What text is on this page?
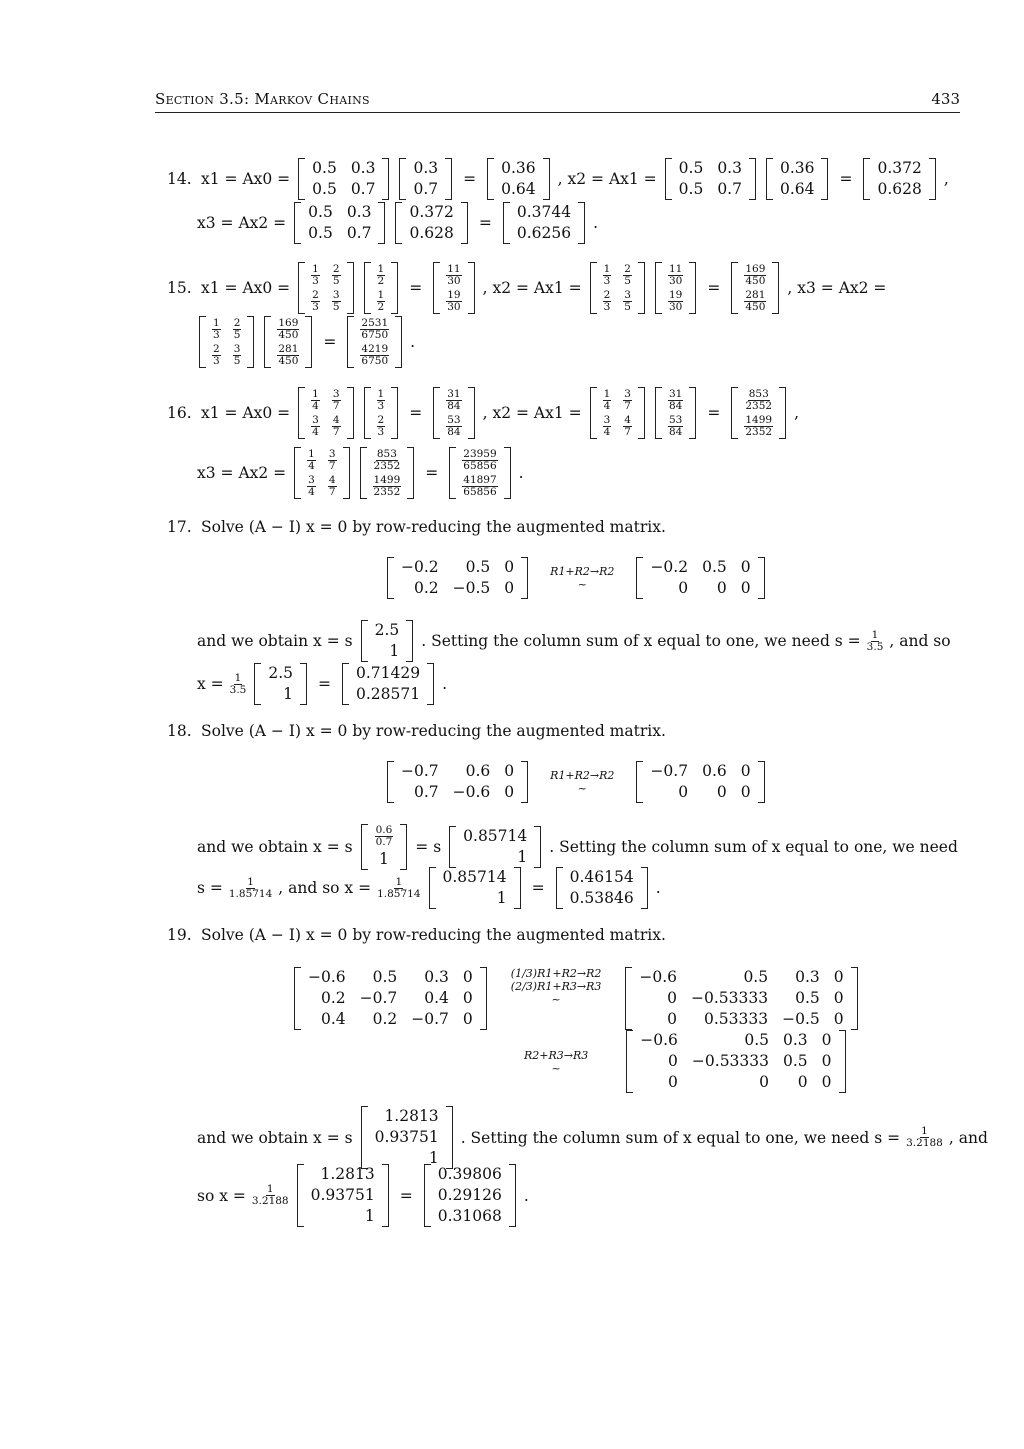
Section 3.5: Markov Chains	433
14. x1 = Ax0 =
0.5	0.3
0.5	0.7
0.3
0.7
=
0.36
0.64
, x2 = Ax1 =
0.5	0.3
0.5	0.7
0.36
0.64
=
0.372
0.628
,
x3 = Ax2 =
0.5	0.3
0.5	0.7
0.372
0.628
=
0.3744
0.6256
.
15. x1 = Ax0 =
$\frac{1}{3}$	$\frac{2}{5}$

$\frac{2}{3}$	$\frac{3}{5}$
$\frac{1}{2}$

$\frac{1}{2}$
=
$\frac{11}{30}$

$\frac{19}{30}$
, x2 = Ax1 =
$\frac{1}{3}$	$\frac{2}{5}$

$\frac{2}{3}$	$\frac{3}{5}$
$\frac{11}{30}$

$\frac{19}{30}$
=
$\frac{169}{450}$

$\frac{281}{450}$
, x3 = Ax2 =
$\frac{1}{3}$	$\frac{2}{5}$

$\frac{2}{3}$	$\frac{3}{5}$
$\frac{169}{450}$

$\frac{281}{450}$
=
$\frac{2531}{6750}$

$\frac{4219}{6750}$
.
16. x1 = Ax0 =
$\frac{1}{4}$	$\frac{3}{7}$

$\frac{3}{4}$	$\frac{4}{7}$
$\frac{1}{3}$

$\frac{2}{3}$
=
$\frac{31}{84}$

$\frac{53}{84}$
, x2 = Ax1 =
$\frac{1}{4}$	$\frac{3}{7}$

$\frac{3}{4}$	$\frac{4}{7}$
$\frac{31}{84}$

$\frac{53}{84}$
=
$\frac{853}{2352}$

$\frac{1499}{2352}$
,
x3 = Ax2 =
$\frac{1}{4}$	$\frac{3}{7}$

$\frac{3}{4}$	$\frac{4}{7}$
$\frac{853}{2352}$

$\frac{1499}{2352}$
=
$\frac{23959}{65856}$

$\frac{41897}{65856}$
.
17. Solve (A − I) x = 0 by row-reducing the augmented matrix.
−0.2	0.5	0
0.2	−0.5	0
R1+R2→R2
~
−0.2	0.5	0
0	0	0
and we obtain x = s
2.5
1
. Setting the column sum of x equal to one, we need $s = \frac{1}{3.5}$ , and so
$x = \frac{1}{3.5} 2.5$
1
=
0.71429
0.28571
.
18. Solve (A − I) x = 0 by row-reducing the augmented matrix.
−0.7	0.6	0
0.7	−0.6	0
R1+R2→R2
~
−0.7	0.6	0
0	0	0
and we obtain x = s $\frac{0.6}{0.7}$

1
= s
0.85714
1
. Setting the column sum of x equal to one, we need
$s = \frac{1}{1.85714}$ , and so $x = \frac{1}{1.85714} 0.85714$
1
=
0.46154
0.53846
.
19. Solve (A − I) x = 0 by row-reducing the augmented matrix.
−0.6	0.5	0.3	0
0.2	−0.7	0.4	0
0.4	0.2	−0.7	0
(1/3)R1+R2→R2
(2/3)R1+R3→R3
~
−0.6	0.5	0.3	0
0	−0.53333	0.5	0
0	0.53333	−0.5	0
R2+R3→R3
~
−0.6	0.5	0.3	0
0	−0.53333	0.5	0
0	0	0	0
and we obtain x = s
1.2813
0.93751
1
. Setting the column sum of x equal to one, we need $s = \frac{1}{3.2188}$ , and
so $x = \frac{1}{3.2188}$
1.2813
0.93751
1
=
0.39806
0.29126
0.31068
.
